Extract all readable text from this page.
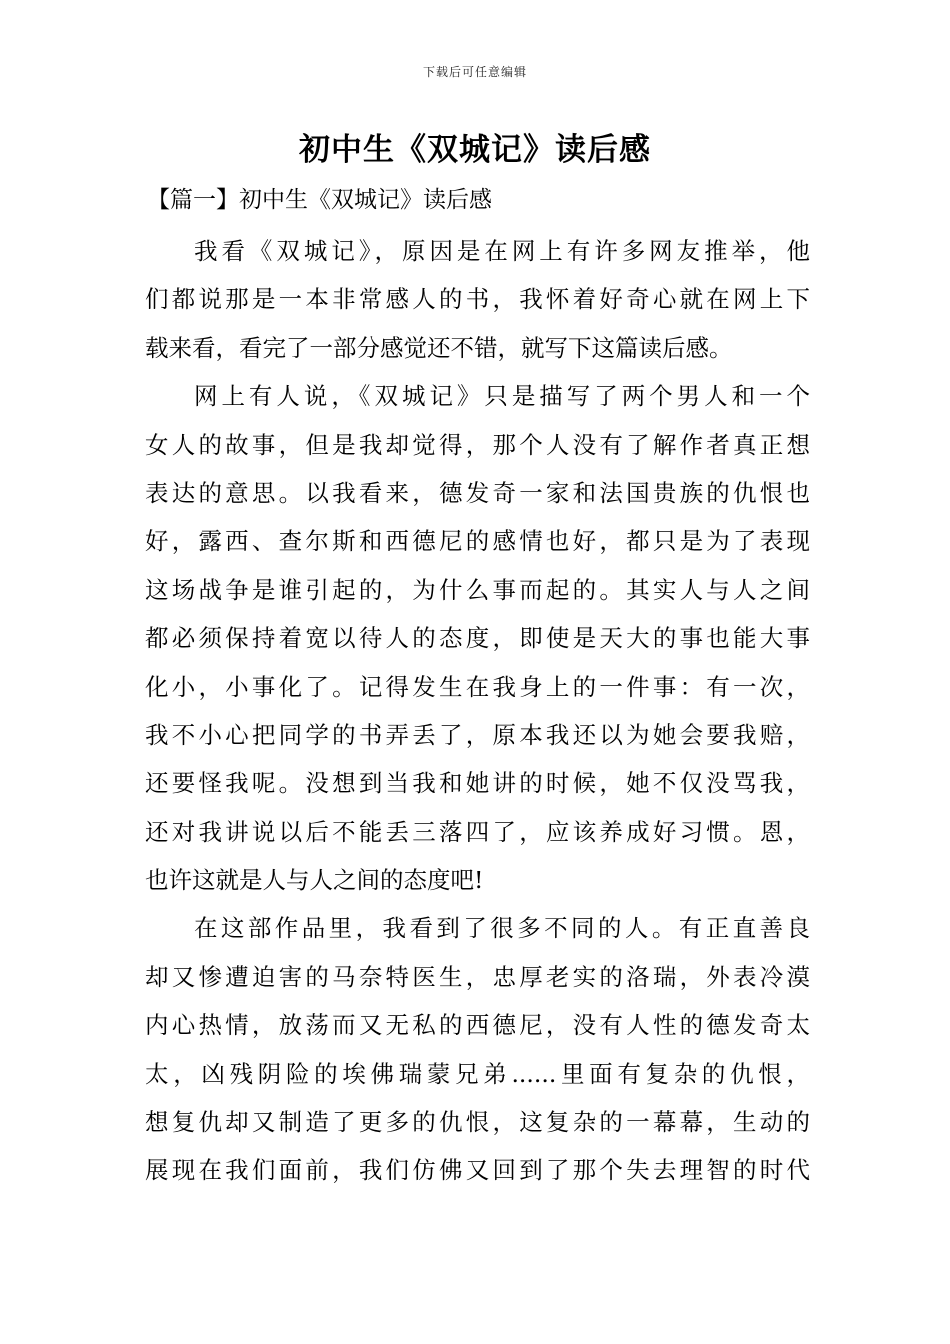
下载后可任意编辑
初中生《双城记》读后感
【篇一】初中生《双城记》读后感
我看《双城记》，原因是在网上有许多网友推举，他
们都说那是一本非常感人的书，我怀着好奇心就在网上下
载来看，看完了一部分感觉还不错，就写下这篇读后感。
网上有人说，《双城记》只是描写了两个男人和一个
女人的故事，但是我却觉得，那个人没有了解作者真正想
表达的意思。以我看来，德发奇一家和法国贵族的仇恨也
好，露西、查尔斯和西德尼的感情也好，都只是为了表现
这场战争是谁引起的，为什么事而起的。其实人与人之间
都必须保持着宽以待人的态度，即使是天大的事也能大事
化小，小事化了。记得发生在我身上的一件事：有一次，
我不小心把同学的书弄丢了，原本我还以为她会要我赔，
还要怪我呢。没想到当我和她讲的时候，她不仅没骂我，
还对我讲说以后不能丢三落四了，应该养成好习惯。恩，
也许这就是人与人之间的态度吧!
在这部作品里，我看到了很多不同的人。有正直善良
却又惨遭迫害的马奈特医生，忠厚老实的洛瑞，外表冷漠
内心热情，放荡而又无私的西德尼，没有人性的德发奇太
太，凶残阴险的埃佛瑞蒙兄弟......里面有复杂的仇恨，
想复仇却又制造了更多的仇恨，这复杂的一幕幕，生动的
展现在我们面前，我们仿佛又回到了那个失去理智的时代
